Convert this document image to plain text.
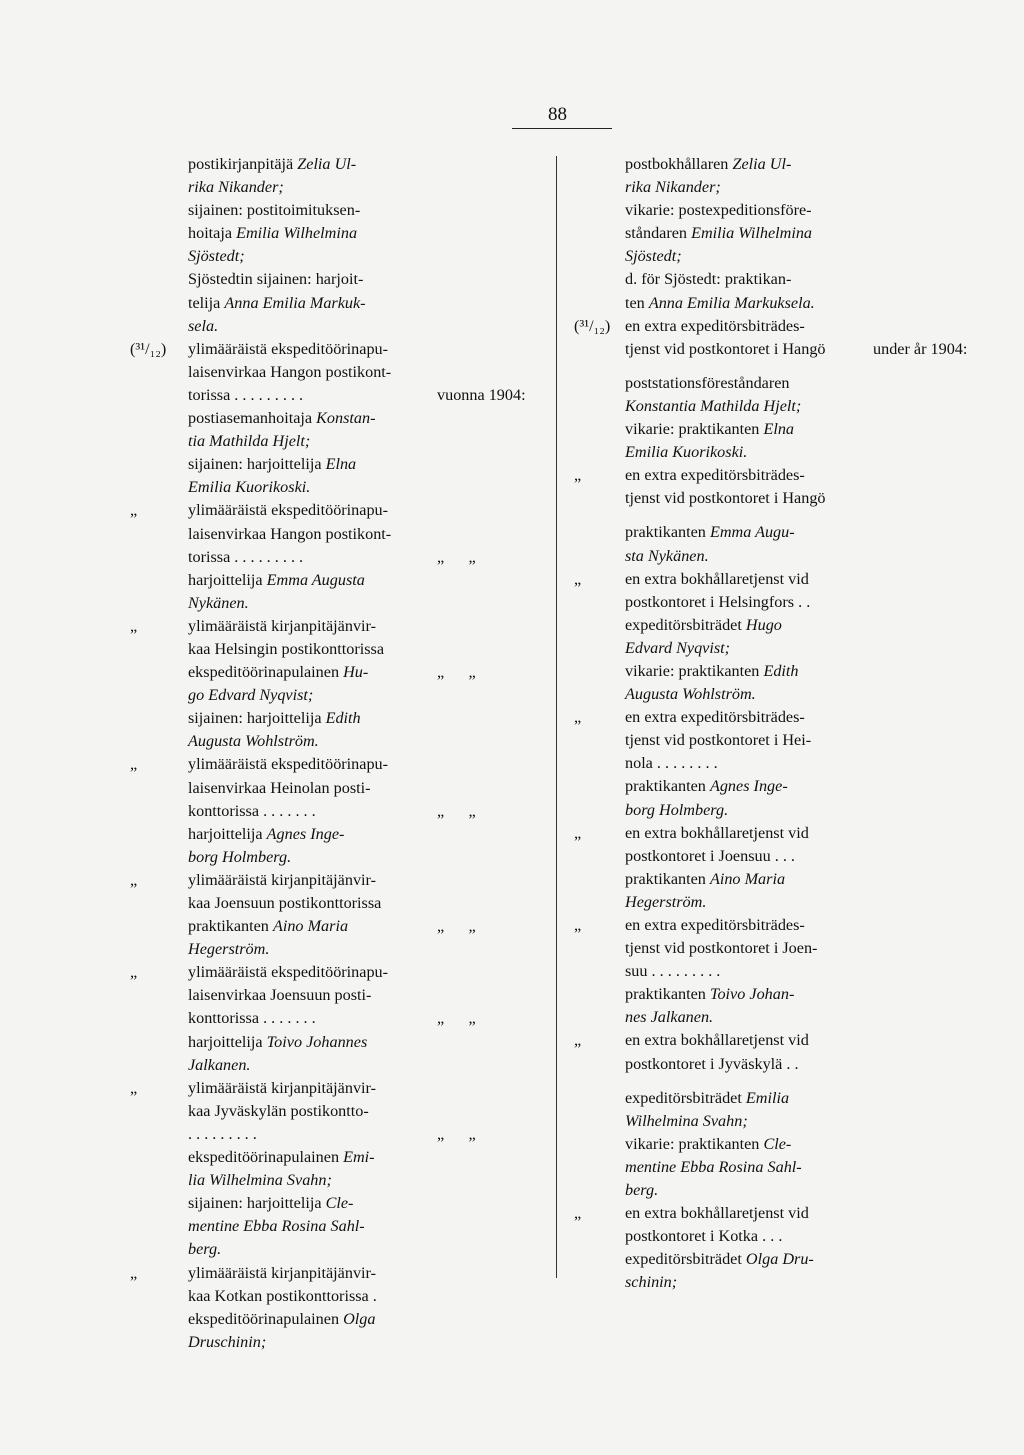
88
postikirjanpitäjä Zelia Ul-
rika Nikander;
sijainen: postitoimituksen-
hoitaja Emilia Wilhelmina
Sjöstedt;
Sjöstedtin sijainen: harjoit-
telija Anna Emilia Markuk-
sela.
ylimääräistä ekspeditöörinapu-
laisenvirkaa Hangon postikont-
torissa . . . . . . . . .
postiasemanhoitaja Konstan-
tia Mathilda Hjelt;
sijainen: harjoittelija Elna
Emilia Kuorikoski.
ylimääräistä ekspeditöörinapu-
laisenvirkaa Hangon postikont-
torissa . . . . . . . . .
harjoittelija Emma Augusta
Nykänen.
ylimääräistä kirjanpitäjänvir-
kaa Helsingin postikonttorissa
ekspeditöörinapulainen Hu-
go Edvard Nyqvist;
sijainen: harjoittelija Edith
Augusta Wohlström.
ylimääräistä ekspeditöörinapu-
laisenvirkaa Heinolan posti-
konttorissa . . . . . . .
harjoittelija Agnes Inge-
borg Holmberg.
ylimääräistä kirjanpitäjänvir-
kaa Joensuun postikonttorissa
praktikanten Aino Maria
Hegerström.
ylimääräistä ekspeditöörinapu-
laisenvirkaa Joensuun posti-
konttorissa . . . . . . .
harjoittelija Toivo Johannes
Jalkanen.
ylimääräistä kirjanpitäjänvir-
kaa Jyväskylän postikontto-
. . . . . . . . .
ekspeditöörinapulainen Emi-
lia Wilhelmina Svahn;
sijainen: harjoittelija Cle-
mentine Ebba Rosina Sahl-
berg.
ylimääräistä kirjanpitäjänvir-
kaa Kotkan postikonttorissa .
ekspeditöörinapulainen Olga
Druschinin;
postbokhållaren Zelia Ul-
rika Nikander;
vikarie: postexpeditionsföre-
ståndaren Emilia Wilhelmina
Sjöstedt;
d. för Sjöstedt: praktikan-
ten Anna Emilia Markuksela.
en extra expeditörsbiträdes-
tjenst vid postkontoret i Hangö
poststationsföreståndaren
Konstantia Mathilda Hjelt;
vikarie: praktikanten Elna
Emilia Kuorikoski.
en extra expeditörsbiträdes-
tjenst vid postkontoret i Hangö
praktikanten Emma Augu-
sta Nykänen.
en extra bokhållaretjenst vid
postkontoret i Helsingfors . .
expeditörsbiträdet Hugo
Edvard Nyqvist;
vikarie: praktikanten Edith
Augusta Wohlström.
en extra expeditörsbiträdes-
tjenst vid postkontoret i Hei-
nola . . . . . . . .
praktikanten Agnes Inge-
borg Holmberg.
en extra bokhållaretjenst vid
postkontoret i Joensuu . . .
praktikanten Aino Maria
Hegerström.
en extra expeditörsbiträdes-
tjenst vid postkontoret i Joen-
suu . . . . . . . . .
praktikanten Toivo Johan-
nes Jalkanen.
en extra bokhållaretjenst vid
postkontoret i Jyväskylä . .
expeditörsbiträdet Emilia
Wilhelmina Svahn;
vikarie: praktikanten Cle-
mentine Ebba Rosina Sahl-
berg.
en extra bokhållaretjenst vid
postkontoret i Kotka . . .
expeditörsbiträdet Olga Dru-
schinin;
(³¹/₁₂)
„
„
„
„
„
„
„
(³¹/₁₂)
„
„
„
„
„
„
„
vuonna 1904:
„      „
„      „
„      „
„      „
„      „
„      „
under år 1904:
